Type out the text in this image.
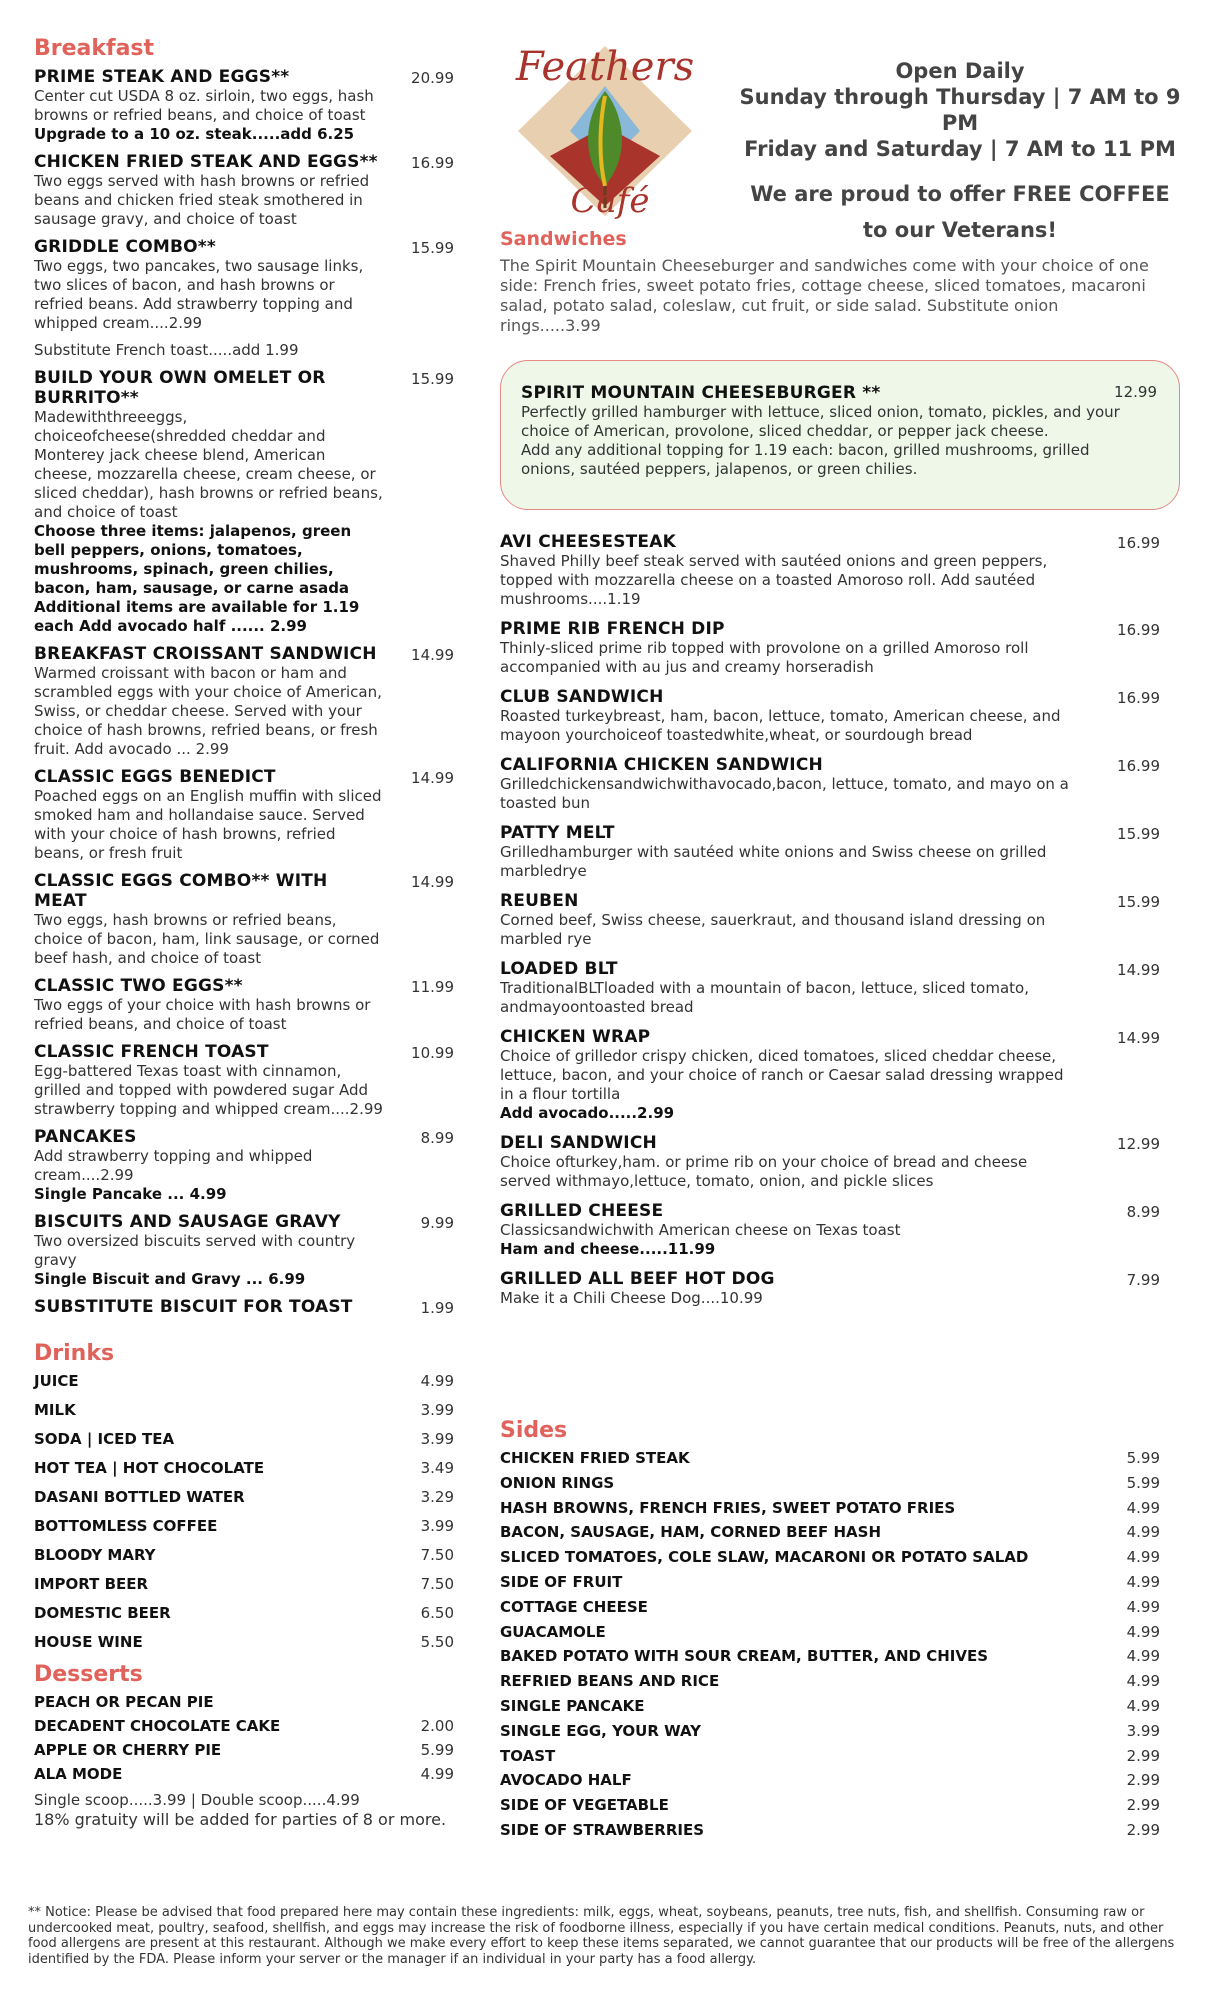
Breakfast
PRIME STEAK AND EGGS**	20.99
Center cut USDA 8 oz. sirloin, two eggs, hash browns or refried beans, and choice of toast
Upgrade to a 10 oz. steak.....add 6.25
CHICKEN FRIED STEAK AND EGGS**	16.99
Two eggs served with hash browns or refried beans and chicken fried steak smothered in sausage gravy, and choice of toast
GRIDDLE COMBO**	15.99
Two eggs, two pancakes, two sausage links, two slices of bacon, and hash browns or refried beans. Add strawberry topping and whipped cream....2.99
Substitute French toast.....add 1.99
BUILD YOUR OWN OMELET OR BURRITO**
15.99
Madewiththreeeggs, choiceofcheese(shredded cheddar and Monterey jack cheese blend, American cheese, mozzarella cheese, cream cheese, or sliced cheddar), hash browns or refried beans, and choice of toast
Choose three items: jalapenos, green bell peppers, onions, tomatoes, mushrooms, spinach, green chilies, bacon, ham, sausage, or carne asada Additional items are available for 1.19 each Add avocado half ...... 2.99
BREAKFAST CROISSANT SANDWICH	14.99
Warmed croissant with bacon or ham and scrambled eggs with your choice of American, Swiss, or cheddar cheese. Served with your choice of hash browns, refried beans, or fresh fruit. Add avocado ... 2.99
CLASSIC EGGS BENEDICT	14.99
Poached eggs on an English muffin with sliced smoked ham and hollandaise sauce. Served with your choice of hash browns, refried beans, or fresh fruit
CLASSIC EGGS COMBO** WITH MEAT
14.99
Two eggs, hash browns or refried beans, choice of bacon, ham, link sausage, or corned beef hash, and choice of toast
CLASSIC TWO EGGS**	11.99
Two eggs of your choice with hash browns or refried beans, and choice of toast
CLASSIC FRENCH TOAST	10.99
Egg-battered Texas toast with cinnamon, grilled and topped with powdered sugar Add strawberry topping and whipped cream....2.99
PANCAKES	8.99
Add strawberry topping and whipped cream....2.99
Single Pancake ... 4.99
BISCUITS AND SAUSAGE GRAVY	9.99
Two oversized biscuits served with country gravy
Single Biscuit and Gravy ... 6.99
SUBSTITUTE BISCUIT FOR TOAST	1.99
Drinks
JUICE	4.99
MILK	3.99
SODA | ICED TEA	3.99
HOT TEA | HOT CHOCOLATE	3.49
DASANI BOTTLED WATER	3.29
BOTTOMLESS COFFEE	3.99
BLOODY MARY	7.50
IMPORT BEER	7.50
DOMESTIC BEER	6.50
HOUSE WINE	5.50
Desserts
PEACH OR PECAN PIE
DECADENT CHOCOLATE CAKE	2.00
APPLE OR CHERRY PIE	5.99
ALA MODE	4.99
Single scoop.....3.99 | Double scoop.....4.99
18% gratuity will be added for parties of 8 or more.
Feathers
Café
Open Daily
Sunday through Thursday | 7 AM to 9 PM
Friday and Saturday | 7 AM to 11 PM
We are proud to offer FREE COFFEE
to our Veterans!
Sandwiches
The Spirit Mountain Cheeseburger and sandwiches come with your choice of one side: French fries, sweet potato fries, cottage cheese, sliced tomatoes, macaroni salad, potato salad, coleslaw, cut fruit, or side salad. Substitute onion rings.....3.99
SPIRIT MOUNTAIN CHEESEBURGER **	12.99
Perfectly grilled hamburger with lettuce, sliced onion, tomato, pickles, and your choice of American, provolone, sliced cheddar, or pepper jack cheese.
Add any additional topping for 1.19 each: bacon, grilled mushrooms, grilled onions, sautéed peppers, jalapenos, or green chilies.
AVI CHEESESTEAK	16.99
Shaved Philly beef steak served with sautéed onions and green peppers, topped with mozzarella cheese on a toasted Amoroso roll. Add sautéed mushrooms....1.19
PRIME RIB FRENCH DIP	16.99
Thinly-sliced prime rib topped with provolone on a grilled Amoroso roll accompanied with au jus and creamy horseradish
CLUB SANDWICH	16.99
Roasted turkeybreast, ham, bacon, lettuce, tomato, American cheese, and mayoon yourchoiceof toastedwhite,wheat, or sourdough bread
CALIFORNIA CHICKEN SANDWICH	16.99
Grilledchickensandwichwithavocado,bacon, lettuce, tomato, and mayo on a toasted bun
PATTY MELT	15.99
Grilledhamburger with sautéed white onions and Swiss cheese on grilled marbledrye
REUBEN	15.99
Corned beef, Swiss cheese, sauerkraut, and thousand island dressing on marbled rye
LOADED BLT	14.99
TraditionalBLTloaded with a mountain of bacon, lettuce, sliced tomato, andmayoontoasted bread
CHICKEN WRAP	14.99
Choice of grilledor crispy chicken, diced tomatoes, sliced cheddar cheese, lettuce, bacon, and your choice of ranch or Caesar salad dressing wrapped in a flour tortilla
Add avocado.....2.99
DELI SANDWICH	12.99
Choice ofturkey,ham. or prime rib on your choice of bread and cheese served withmayo,lettuce, tomato, onion, and pickle slices
GRILLED CHEESE	8.99
Classicsandwichwith American cheese on Texas toast
Ham and cheese.....11.99
GRILLED ALL BEEF HOT DOG	7.99
Make it a Chili Cheese Dog....10.99
Sides
CHICKEN FRIED STEAK	5.99
ONION RINGS	5.99
HASH BROWNS, FRENCH FRIES, SWEET POTATO FRIES	4.99
BACON, SAUSAGE, HAM, CORNED BEEF HASH	4.99
SLICED TOMATOES, COLE SLAW, MACARONI OR POTATO SALAD	4.99
SIDE OF FRUIT	4.99
COTTAGE CHEESE	4.99
GUACAMOLE	4.99
BAKED POTATO WITH SOUR CREAM, BUTTER, AND CHIVES	4.99
REFRIED BEANS AND RICE	4.99
SINGLE PANCAKE	4.99
SINGLE EGG, YOUR WAY	3.99
TOAST	2.99
AVOCADO HALF	2.99
SIDE OF VEGETABLE	2.99
SIDE OF STRAWBERRIES	2.99
** Notice: Please be advised that food prepared here may contain these ingredients: milk, eggs, wheat, soybeans, peanuts, tree nuts, fish, and shellfish. Consuming raw or undercooked meat, poultry, seafood, shellfish, and eggs may increase the risk of foodborne illness, especially if you have certain medical conditions. Peanuts, nuts, and other food allergens are present at this restaurant. Although we make every effort to keep these items separated, we cannot guarantee that our products will be free of the allergens identified by the FDA. Please inform your server or the manager if an individual in your party has a food allergy.
